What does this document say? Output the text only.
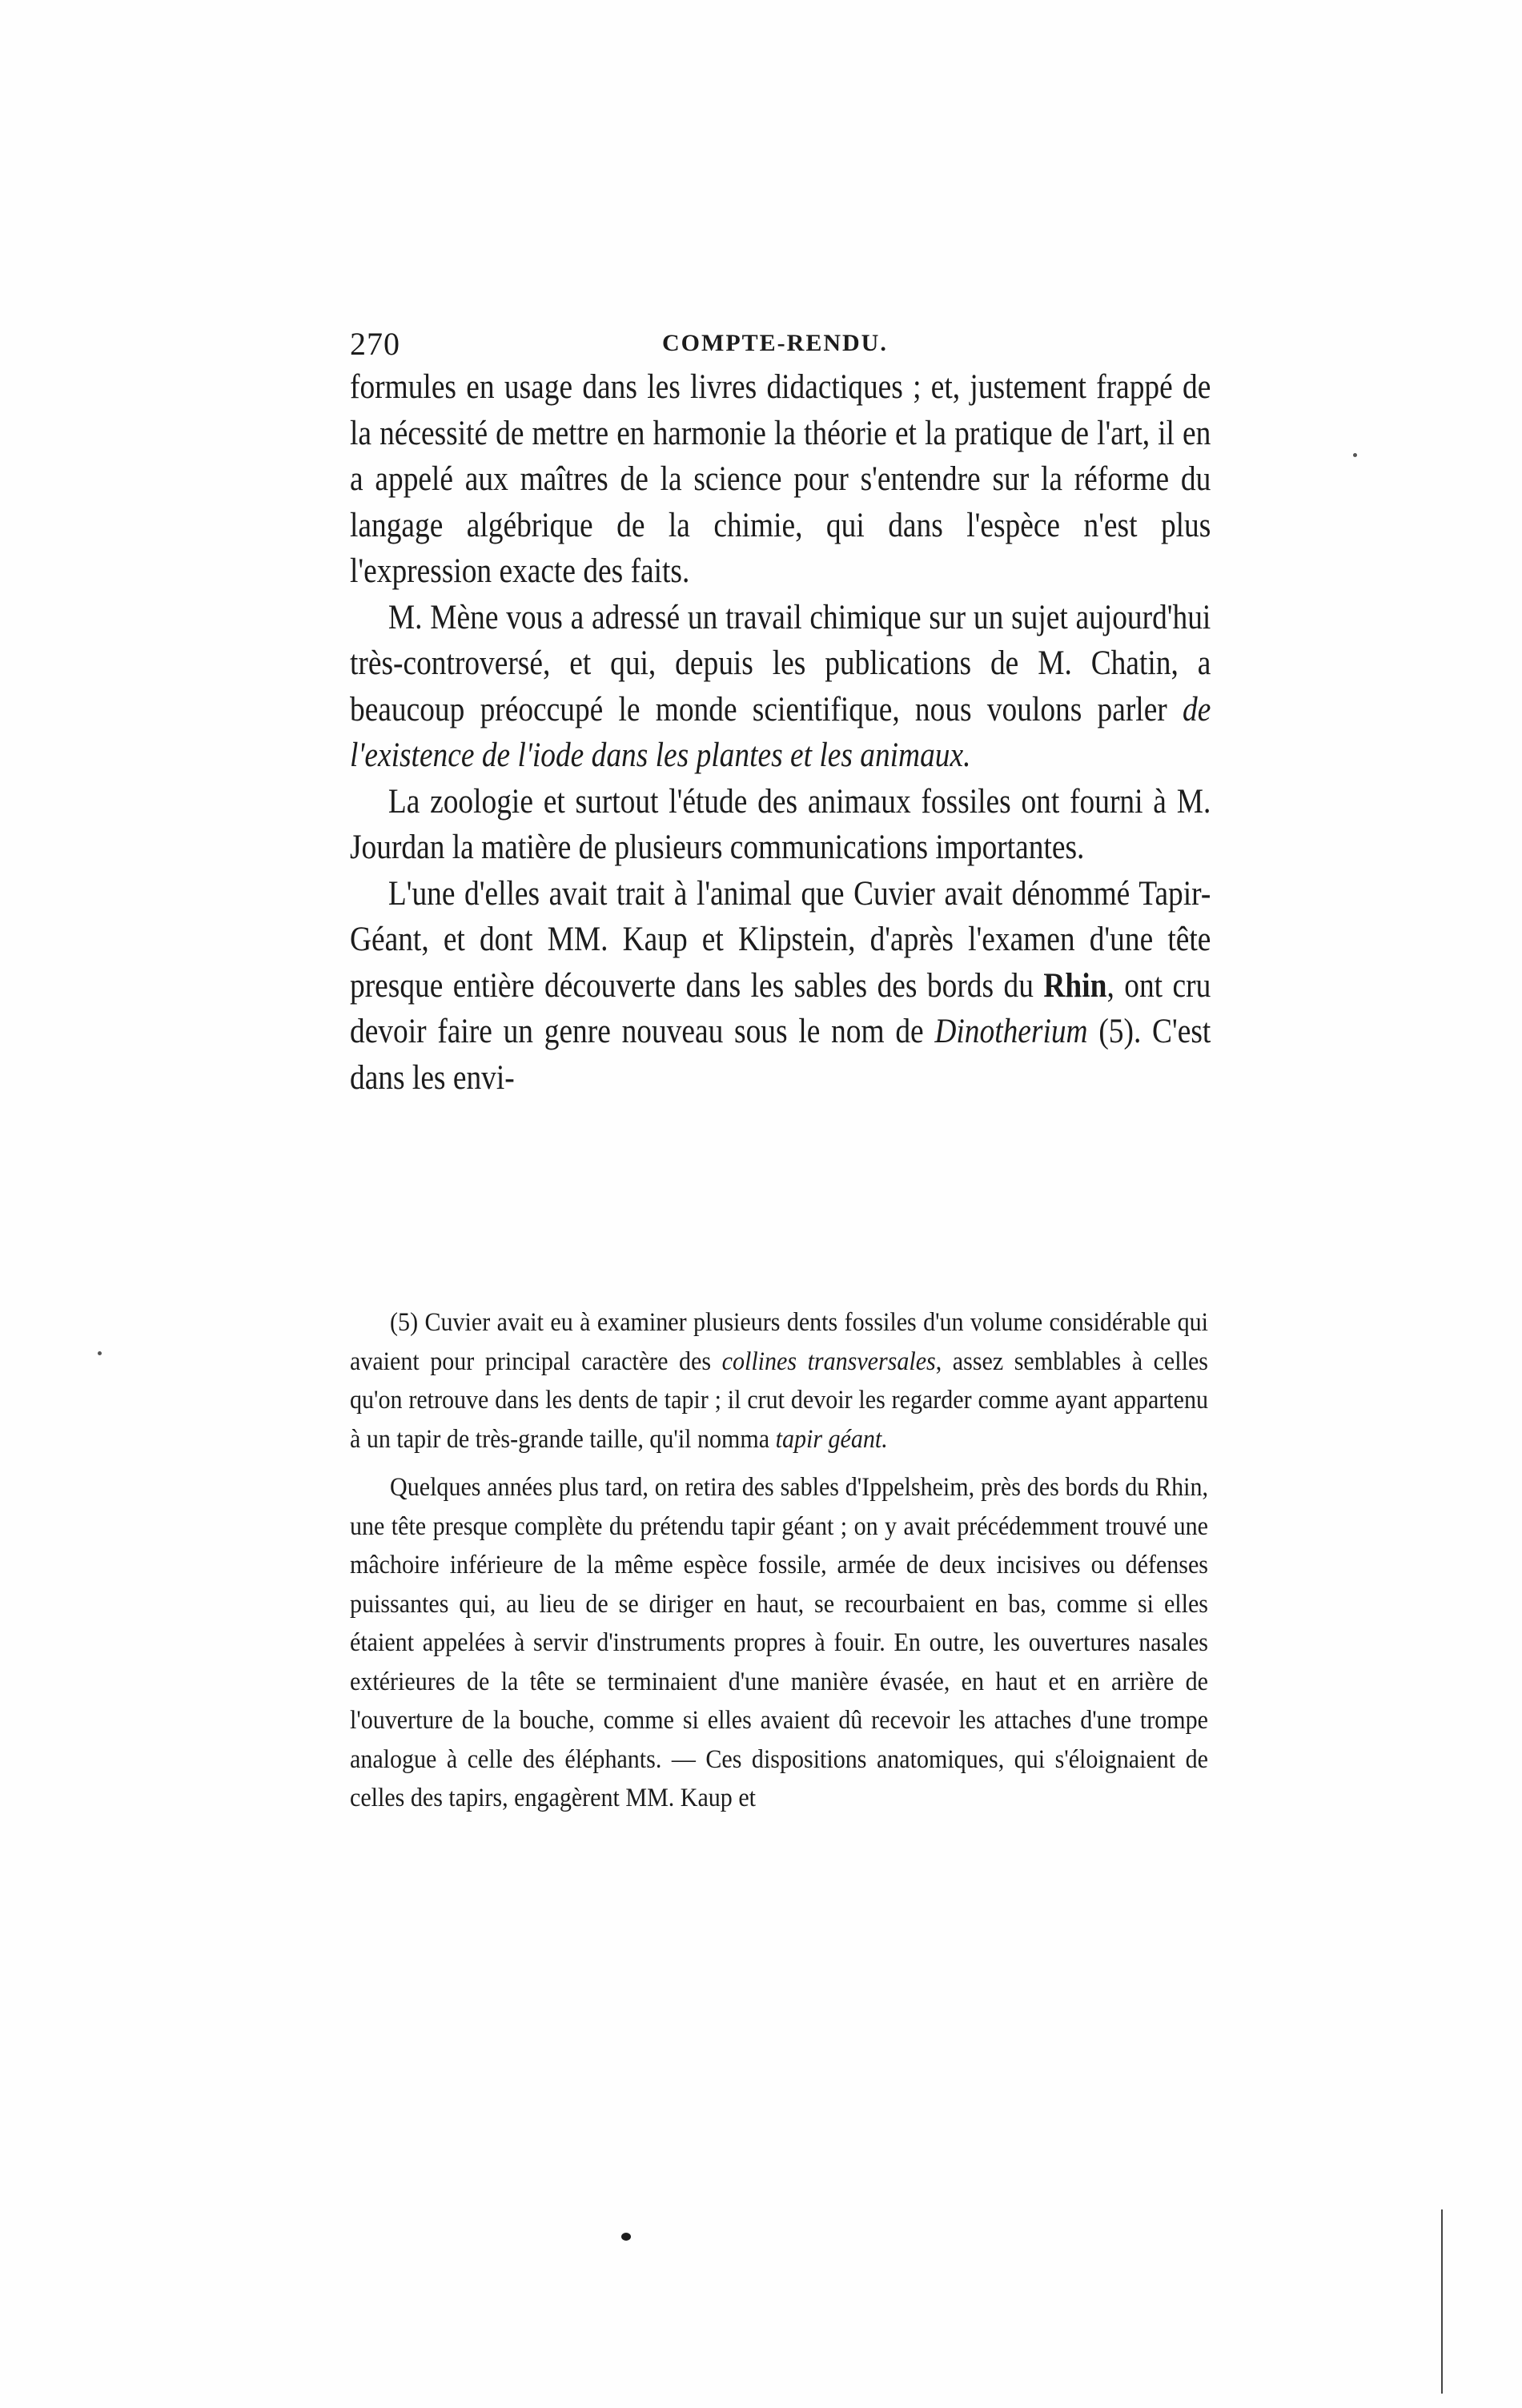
270	COMPTE-RENDU.

formules en usage dans les livres didactiques ; et, justement frappé de la nécessité de mettre en harmonie la théorie et la pratique de l'art, il en a appelé aux maîtres de la science pour s'entendre sur la réforme du langage algébrique de la chimie, qui dans l'espèce n'est plus l'expression exacte des faits.

M. Mène vous a adressé un travail chimique sur un sujet aujourd'hui très-controversé, et qui, depuis les publications de M. Chatin, a beaucoup préoccupé le monde scientifique, nous voulons parler de l'existence de l'iode dans les plantes et les animaux.

La zoologie et surtout l'étude des animaux fossiles ont fourni à M. Jourdan la matière de plusieurs communications importantes.

L'une d'elles avait trait à l'animal que Cuvier avait dénommé Tapir-Géant, et dont MM. Kaup et Klipstein, d'après l'examen d'une tête presque entière découverte dans les sables des bords du Rhin, ont cru devoir faire un genre nouveau sous le nom de Dinotherium (5). C'est dans les envi-

(5) Cuvier avait eu à examiner plusieurs dents fossiles d'un volume considérable qui avaient pour principal caractère des collines transversales, assez semblables à celles qu'on retrouve dans les dents de tapir ; il crut devoir les regarder comme ayant appartenu à un tapir de très-grande taille, qu'il nomma tapir géant.

Quelques années plus tard, on retira des sables d'Ippelsheim, près des bords du Rhin, une tête presque complète du prétendu tapir géant ; on y avait précédemment trouvé une mâchoire inférieure de la même espèce fossile, armée de deux incisives ou défenses puissantes qui, au lieu de se diriger en haut, se recourbaient en bas, comme si elles étaient appelées à servir d'instruments propres à fouir. En outre, les ouvertures nasales extérieures de la tête se terminaient d'une manière évasée, en haut et en arrière de l'ouverture de la bouche, comme si elles avaient dû recevoir les attaches d'une trompe analogue à celle des éléphants. — Ces dispositions anatomiques, qui s'éloignaient de celles des tapirs, engagèrent MM. Kaup et
